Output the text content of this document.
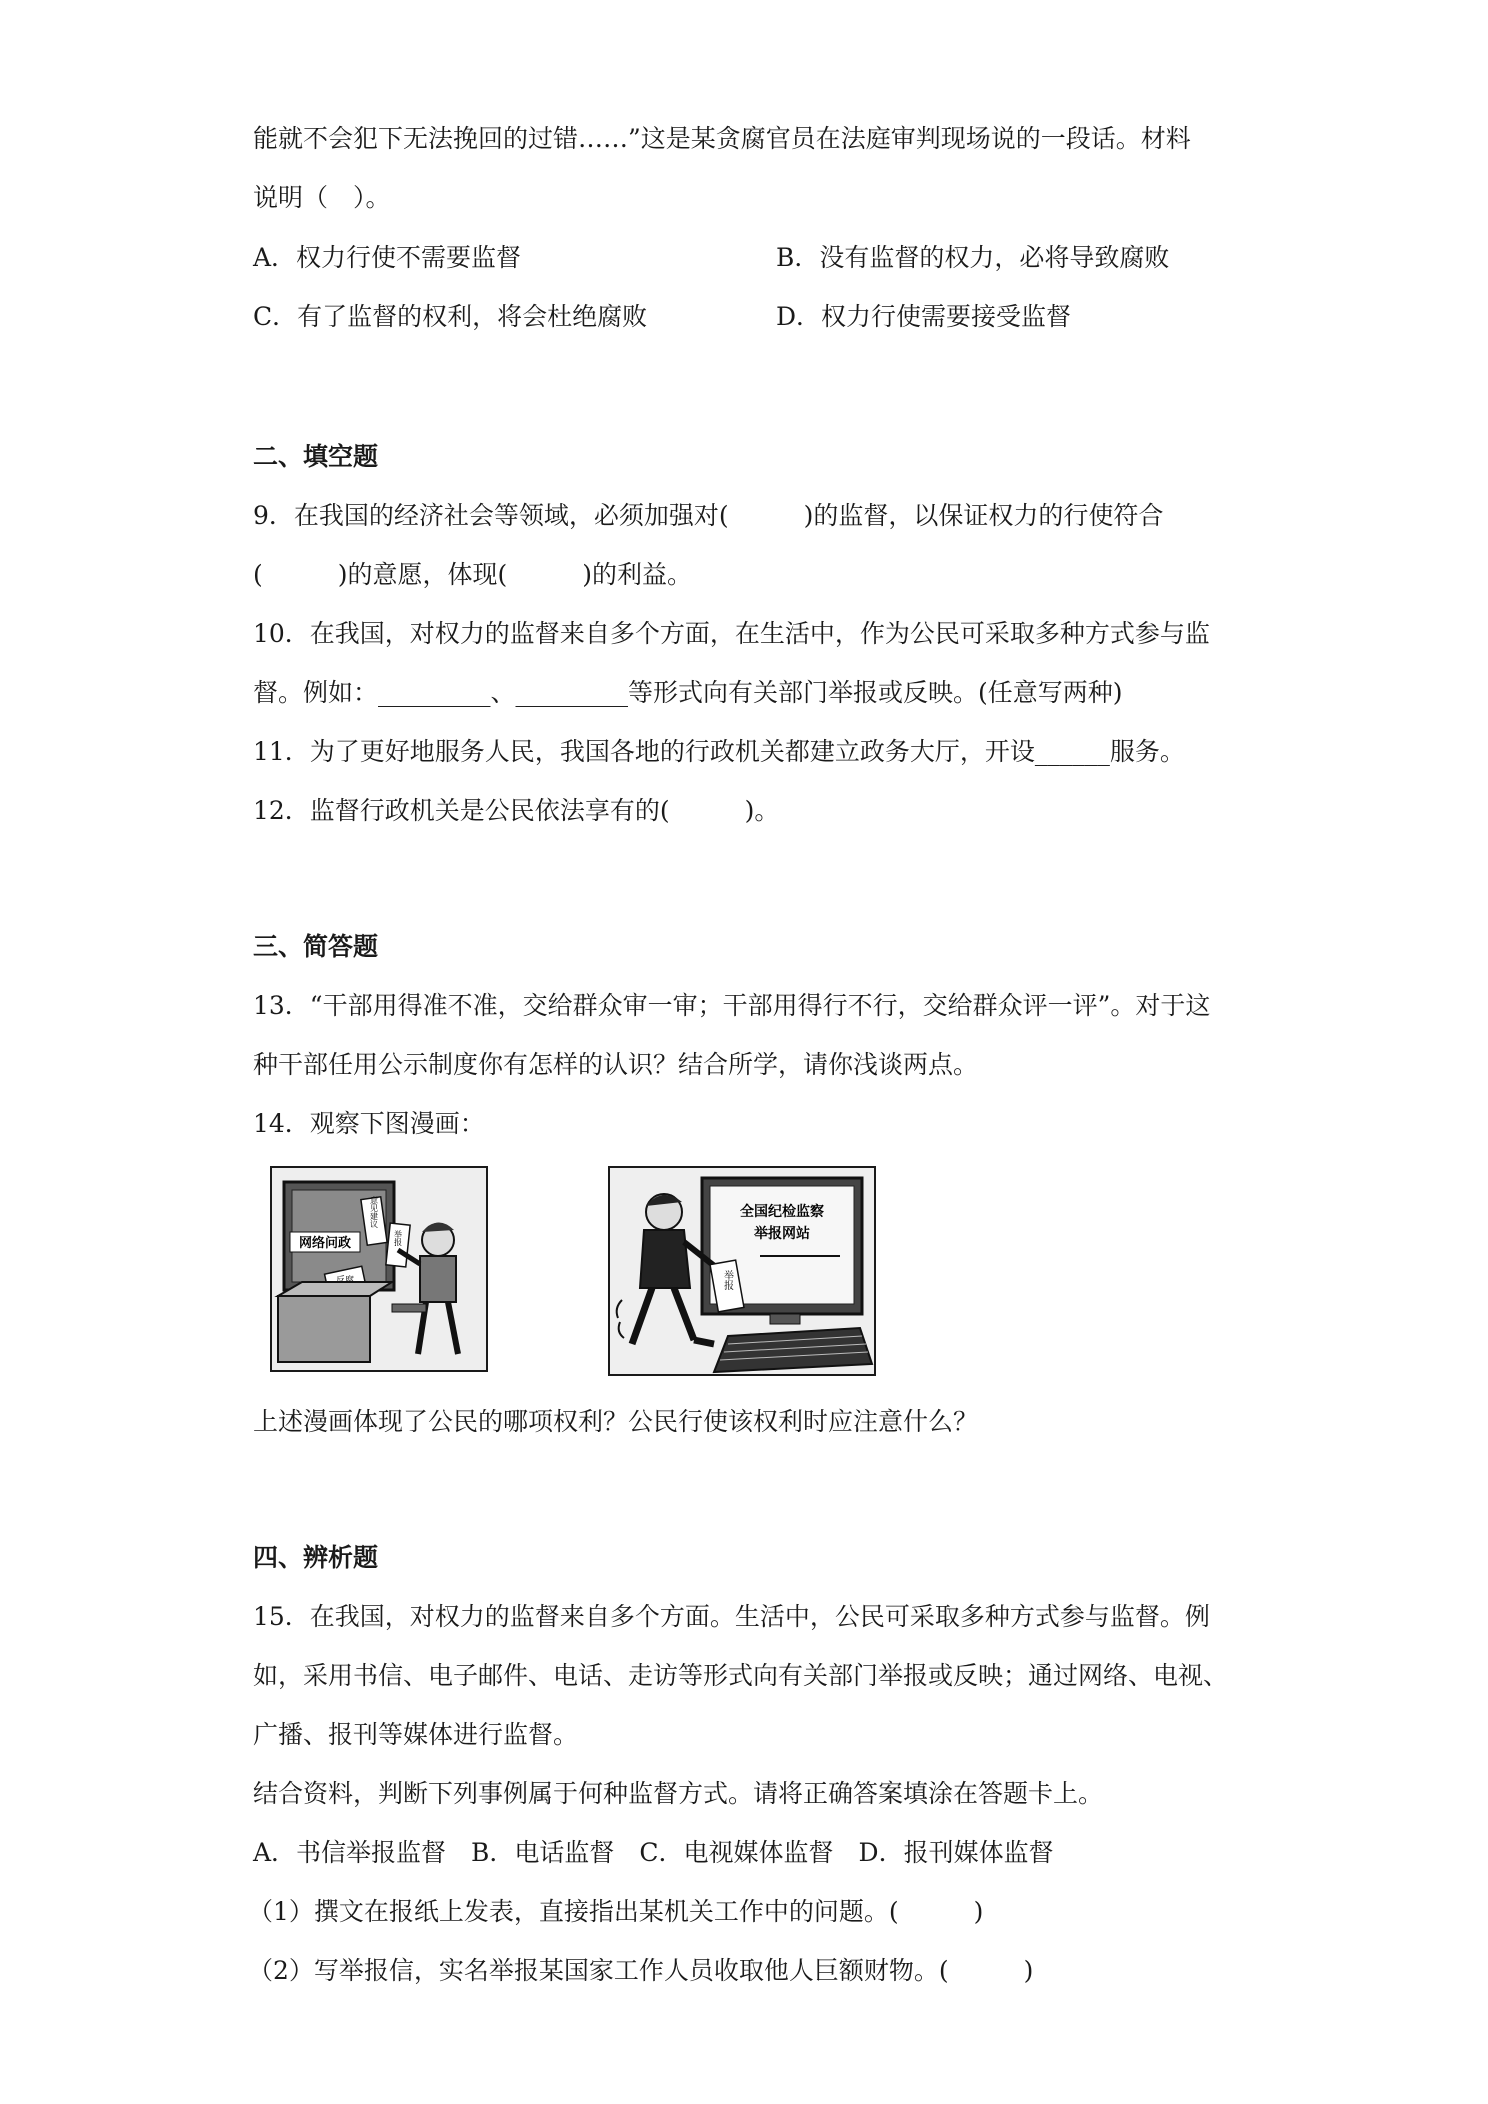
能就不会犯下无法挽回的过错……”这是某贪腐官员在法庭审判现场说的一段话。材料

说明（　）。

A．权力行使不需要监督	B．没有监督的权力，必将导致腐败

C．有了监督的权利，将会杜绝腐败	D．权力行使需要接受监督

二、填空题

9．在我国的经济社会等领域，必须加强对(　　　)的监督，以保证权力的行使符合

(　　　)的意愿，体现(　　　)的利益。

10．在我国，对权力的监督来自多个方面，在生活中，作为公民可采取多种方式参与监

督。例如：_________、_________等形式向有关部门举报或反映。(任意写两种)

11．为了更好地服务人民，我国各地的行政机关都建立政务大厅，开设______服务。

12．监督行政机关是公民依法享有的(　　　)。

三、简答题

13．“干部用得准不准，交给群众审一审；干部用得行不行，交给群众评一评”。对于这

种干部任用公示制度你有怎样的认识？结合所学，请你浅谈两点。

14．观察下图漫画：

网络问政
意见建议
举报
全国纪检监察
举报网站
举报

上述漫画体现了公民的哪项权利？公民行使该权利时应注意什么？

四、辨析题

15．在我国，对权力的监督来自多个方面。生活中，公民可采取多种方式参与监督。例

如，采用书信、电子邮件、电话、走访等形式向有关部门举报或反映；通过网络、电视、

广播、报刊等媒体进行监督。

结合资料，判断下列事例属于何种监督方式。请将正确答案填涂在答题卡上。

A．书信举报监督　B．电话监督　C．电视媒体监督　D．报刊媒体监督

（1）撰文在报纸上发表，直接指出某机关工作中的问题。(　　　)

（2）写举报信，实名举报某国家工作人员收取他人巨额财物。(　　　)
